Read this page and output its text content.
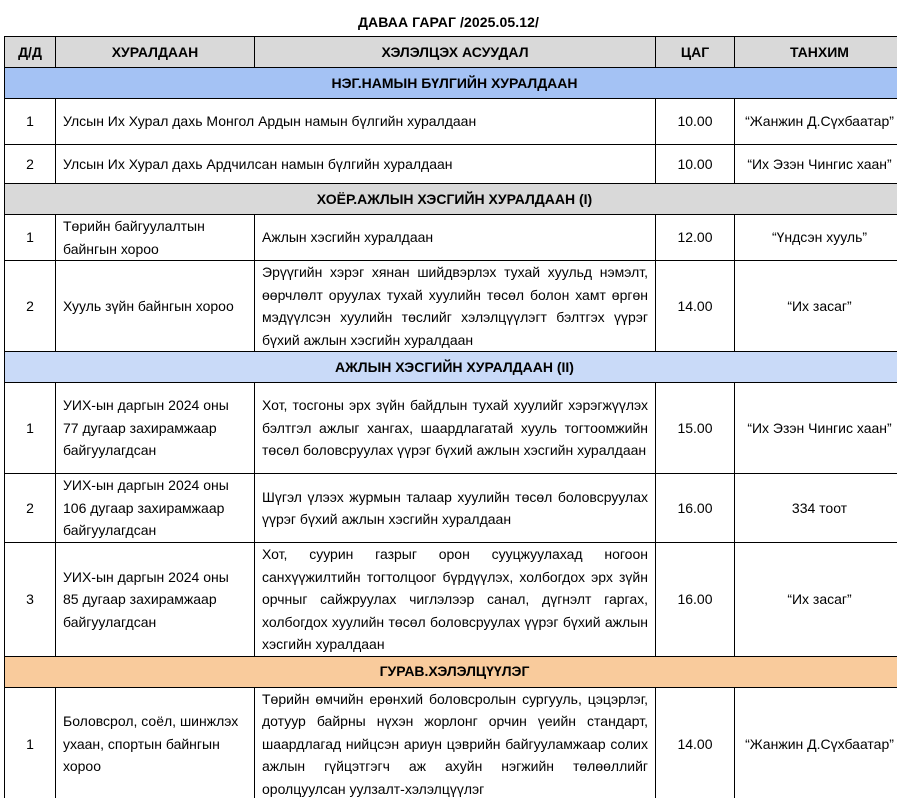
ДАВАА ГАРАГ /2025.05.12/
Д/Д	ХУРАЛДААН	ХЭЛЭЛЦЭХ АСУУДАЛ	ЦАГ	ТАНХИМ
НЭГ.НАМЫН БҮЛГИЙН ХУРАЛДААН				
1	Улсын Их Хурал дахь Монгол Ардын намын бүлгийн хуралдаан		10.00	“Жанжин Д.Сүхбаатар”
2	Улсын Их Хурал дахь Ардчилсан намын бүлгийн хуралдаан		10.00	“Их Эзэн Чингис хаан”
ХОЁР.АЖЛЫН ХЭСГИЙН ХУРАЛДААН (I)				
1	Төрийн байгуулалтын байнгын хороо	Ажлын хэсгийн хуралдаан	12.00	“Үндсэн хууль”
2	Хууль зүйн байнгын хороо	Эрүүгийн хэрэг хянан шийдвэрлэх тухай хуульд нэмэлт, өөрчлөлт оруулах тухай хуулийн төсөл болон хамт өргөн мэдүүлсэн хуулийн төслийг хэлэлцүүлэгт бэлтгэх үүрэг бүхий ажлын хэсгийн хуралдаан	14.00	“Их засаг”
АЖЛЫН ХЭСГИЙН ХУРАЛДААН (II)				
1	УИХ-ын даргын 2024 оны 77 дугаар захирамжаар байгуулагдсан	Хот, тосгоны эрх зүйн байдлын тухай хуулийг хэрэгжүүлэх бэлтгэл ажлыг хангах, шаардлагатай хууль тогтоомжийн төсөл боловсруулах үүрэг бүхий ажлын хэсгийн хуралдаан	15.00	“Их Эзэн Чингис хаан”
2	УИХ-ын даргын 2024 оны 106 дугаар захирамжаар байгуулагдсан	Шүгэл үлээх журмын талаар хуулийн төсөл боловсруулах үүрэг бүхий ажлын хэсгийн хуралдаан	16.00	334 тоот
3	УИХ-ын даргын 2024 оны 85 дугаар захирамжаар байгуулагдсан	Хот, суурин газрыг орон сууцжуулахад ногоон санхүүжилтийн тогтолцоог бүрдүүлэх, холбогдох эрх зүйн орчныг сайжруулах чиглэлээр санал, дүгнэлт гаргах, холбогдох хуулийн төсөл боловсруулах үүрэг бүхий ажлын хэсгийн хуралдаан	16.00	“Их засаг”
ГУРАВ.ХЭЛЭЛЦҮҮЛЭГ				
1	Боловсрол, соёл, шинжлэх ухаан, спортын байнгын хороо	Төрийн өмчийн ерөнхий боловсролын сургууль, цэцэрлэг, дотуур байрны нүхэн жорлонг орчин үеийн стандарт, шаардлагад нийцсэн ариун цэврийн байгууламжаар солих ажлын гүйцэтгэгч аж ахуйн нэгжийн төлөөллийг оролцуулсан уулзалт-хэлэлцүүлэг	14.00	“Жанжин Д.Сүхбаатар”
